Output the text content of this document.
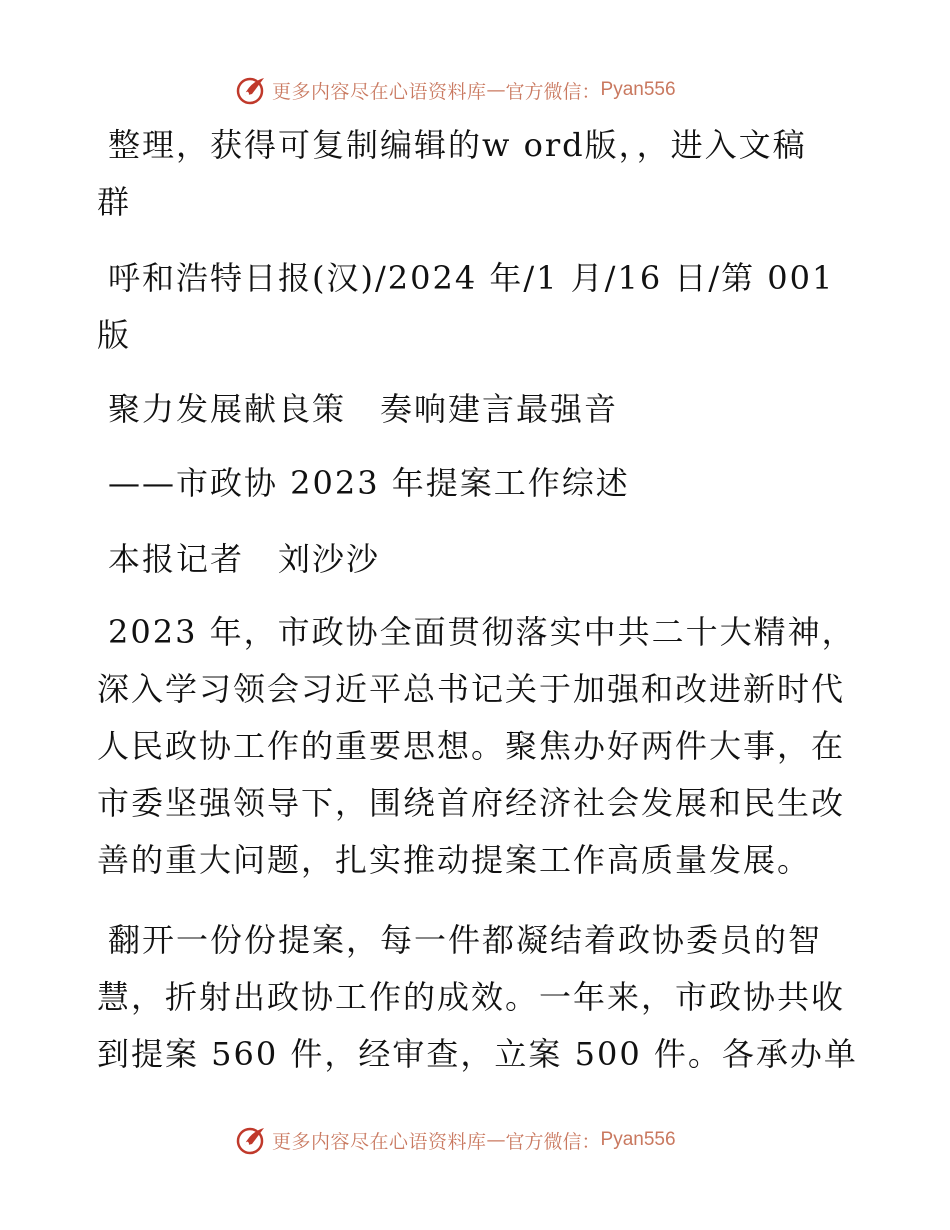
更多内容尽在心语资料库 — 官方微信： Pyan556
整理，获得可复制编辑的w ord版，，进入文稿
群
呼和浩特日报(汉)/2024 年/1 月/16 日/第 001
版
聚力发展献良策　奏响建言最强音
——市政协 2023 年提案工作综述
本报记者　刘沙沙
2023 年，市政协全面贯彻落实中共二十大精神，
深入学习领会习近平总书记关于加强和改进新时代
人民政协工作的重要思想。聚焦办好两件大事，在
市委坚强领导下，围绕首府经济社会发展和民生改
善的重大问题，扎实推动提案工作高质量发展。
翻开一份份提案，每一件都凝结着政协委员的智
慧，折射出政协工作的成效。一年来，市政协共收
到提案 560 件，经审查，立案 500 件。各承办单
更多内容尽在心语资料库 — 官方微信： Pyan556
